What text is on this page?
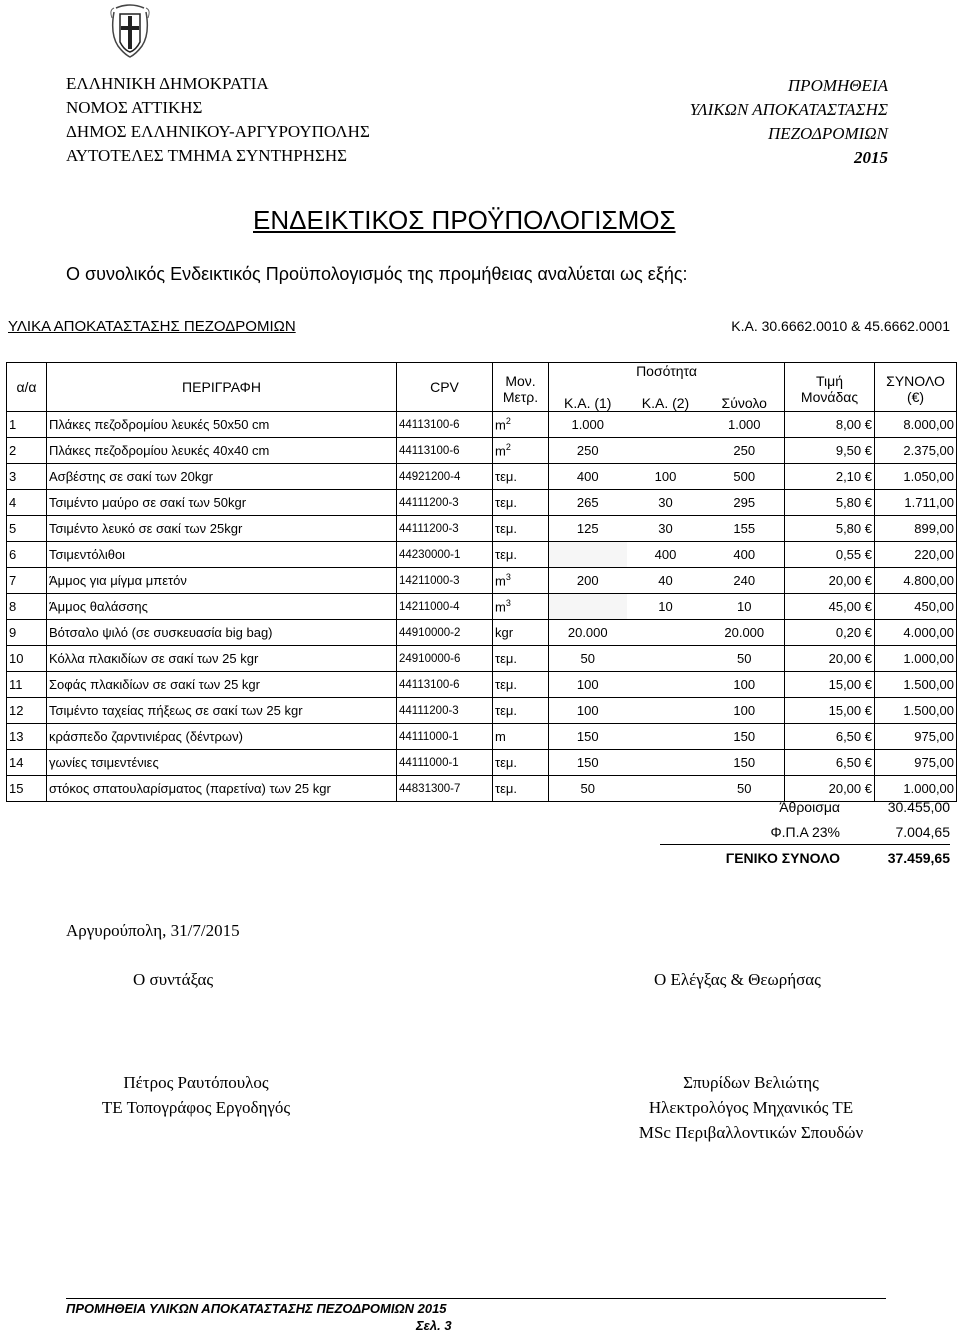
ΕΛΛΗΝΙΚΗ ΔΗΜΟΚΡΑΤΙΑ
ΝΟΜΟΣ ΑΤΤΙΚΗΣ
ΔΗΜΟΣ ΕΛΛΗΝΙΚΟΥ-ΑΡΓΥΡΟΥΠΟΛΗΣ
ΑΥΤΟΤΕΛΕΣ ΤΜΗΜΑ ΣΥΝΤΗΡΗΣΗΣ
ΠΡΟΜΗΘΕΙΑ
ΥΛΙΚΩΝ ΑΠΟΚΑΤΑΣΤΑΣΗΣ
ΠΕΖΟΔΡΟΜΙΩΝ
2015
ΕΝΔΕΙΚΤΙΚΟΣ ΠΡΟΫΠΟΛΟΓΙΣΜΟΣ
Ο συνολικός Ενδεικτικός Προϋπολογισμός της προμήθειας αναλύεται ως εξής:
ΥΛΙΚΑ ΑΠΟΚΑΤΑΣΤΑΣΗΣ ΠΕΖΟΔΡΟΜΙΩΝ	Κ.Α. 30.6662.0010 & 45.6662.0001
α/α	ΠΕΡΙΓΡΑΦΗ	CPV	Μον.	Ποσότητα			Τιμή	ΣΥΝΟΛΟ
			Μετρ.	Κ.Α. (1)	Κ.Α. (2)	Σύνολο	Μονάδας	(€)
1	Πλάκες πεζοδρομίου λευκές 50x50 cm	44113100-6	$m^2$	1.000		1.000	8,00 €	8.000,00
2	Πλάκες πεζοδρομίου λευκές 40x40 cm	44113100-6	$m^2$	250		250	9,50 €	2.375,00
3	Ασβέστης σε σακί των 20kgr	44921200-4	τεμ.	400	100	500	2,10 €	1.050,00
4	Τσιμέντο μαύρο σε σακί των 50kgr	44111200-3	τεμ.	265	30	295	5,80 €	1.711,00
5	Τσιμέντο λευκό σε σακί των 25kgr	44111200-3	τεμ.	125	30	155	5,80 €	899,00
6	Τσιμεντόλιθοι	44230000-1	τεμ.		400	400	0,55 €	220,00
7	Άμμος για μίγμα μπετόν	14211000-3	$m^3$	200	40	240	20,00 €	4.800,00
8	Άμμος θαλάσσης	14211000-4	$m^3$		10	10	45,00 €	450,00
9	Βότσαλο ψιλό (σε συσκευασία big bag)	44910000-2	kgr	20.000		20.000	0,20 €	4.000,00
10	Κόλλα πλακιδίων σε σακί των 25 kgr	24910000-6	τεμ.	50		50	20,00 €	1.000,00
11	Σοφάς πλακιδίων σε σακί των 25 kgr	44113100-6	τεμ.	100		100	15,00 €	1.500,00
12	Τσιμέντο ταχείας πήξεως σε σακί των 25 kgr	44111200-3	τεμ.	100		100	15,00 €	1.500,00
13	κράσπεδο ζαρντινιέρας (δέντρων)	44111000-1	m	150		150	6,50 €	975,00
14	γωνίες τσιμεντένιες	44111000-1	τεμ.	150		150	6,50 €	975,00
15	στόκος σπατουλαρίσματος (παρετίνα) των 25 kgr	44831300-7	τεμ.	50		50	20,00 €	1.000,00
Άθροισμα	30.455,00
Φ.Π.Α 23%	7.004,65
ΓΕΝΙΚΟ ΣΥΝΟΛΟ	37.459,65
Αργυρούπολη, 31/7/2015
Ο συντάξας	Ο Ελέγξας & Θεωρήσας
Πέτρος Ραυτόπουλος
ΤΕ Τοπογράφος Εργοδηγός
Σπυρίδων Βελιώτης
Ηλεκτρολόγος Μηχανικός ΤΕ
MSc Περιβαλλοντικών Σπουδών
ΠΡΟΜΗΘΕΙΑ ΥΛΙΚΩΝ ΑΠΟΚΑΤΑΣΤΑΣΗΣ ΠΕΖΟΔΡΟΜΙΩΝ 2015
Σελ. 3
